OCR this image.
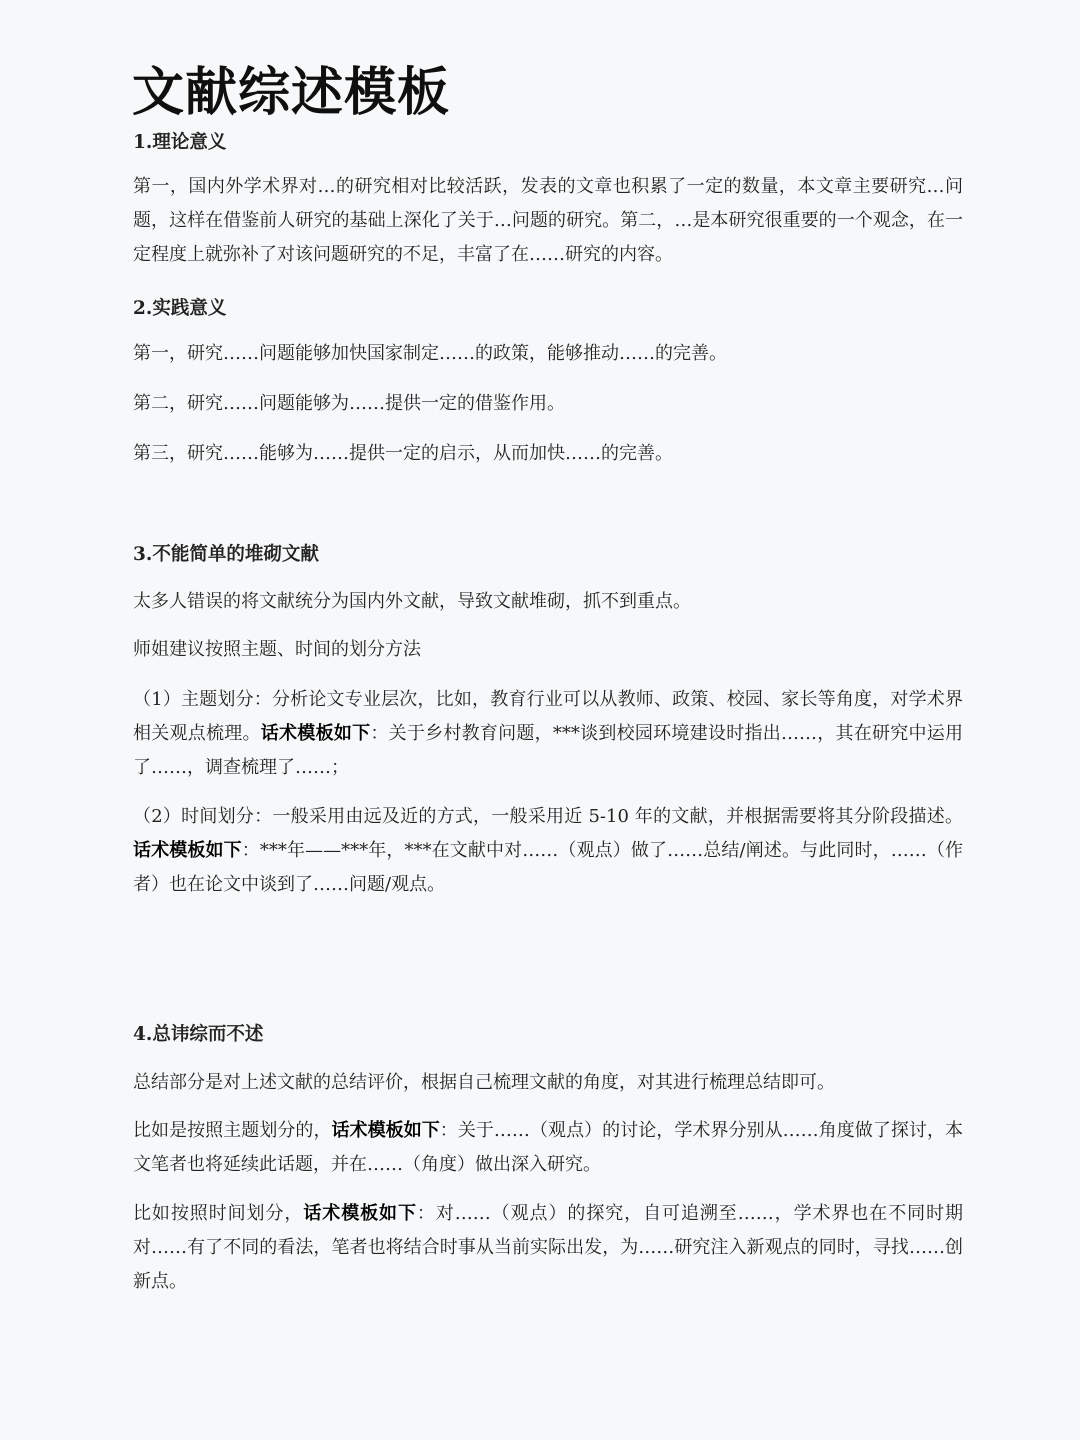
文献综述模板
1.理论意义

第一，国内外学术界对…的研究相对比较活跃，发表的文章也积累了一定的数量，本文章主要研究…问题，这样在借鉴前人研究的基础上深化了关于…问题的研究。第二，…是本研究很重要的一个观念，在一定程度上就弥补了对该问题研究的不足，丰富了在……研究的内容。

2.实践意义

第一，研究……问题能够加快国家制定……的政策，能够推动……的完善。

第二，研究……问题能够为……提供一定的借鉴作用。

第三，研究……能够为……提供一定的启示，从而加快……的完善。

3.不能简单的堆砌文献

太多人错误的将文献统分为国内外文献，导致文献堆砌，抓不到重点。

师姐建议按照主题、时间的划分方法

（1）主题划分：分析论文专业层次，比如，教育行业可以从教师、政策、校园、家长等角度，对学术界相关观点梳理。话术模板如下：关于乡村教育问题，***谈到校园环境建设时指出……，其在研究中运用了……，调查梳理了……；

（2）时间划分：一般采用由远及近的方式，一般采用近 5-10 年的文献，并根据需要将其分阶段描述。话术模板如下：***年——***年，***在文献中对……（观点）做了……总结/阐述。与此同时，……（作者）也在论文中谈到了……问题/观点。

4.总讳综而不述

总结部分是对上述文献的总结评价，根据自己梳理文献的角度，对其进行梳理总结即可。

比如是按照主题划分的，话术模板如下：关于……（观点）的讨论，学术界分别从……角度做了探讨，本文笔者也将延续此话题，并在……（角度）做出深入研究。

比如按照时间划分，话术模板如下：对……（观点）的探究，自可追溯至……，学术界也在不同时期对……有了不同的看法，笔者也将结合时事从当前实际出发，为……研究注入新观点的同时，寻找……创新点。
